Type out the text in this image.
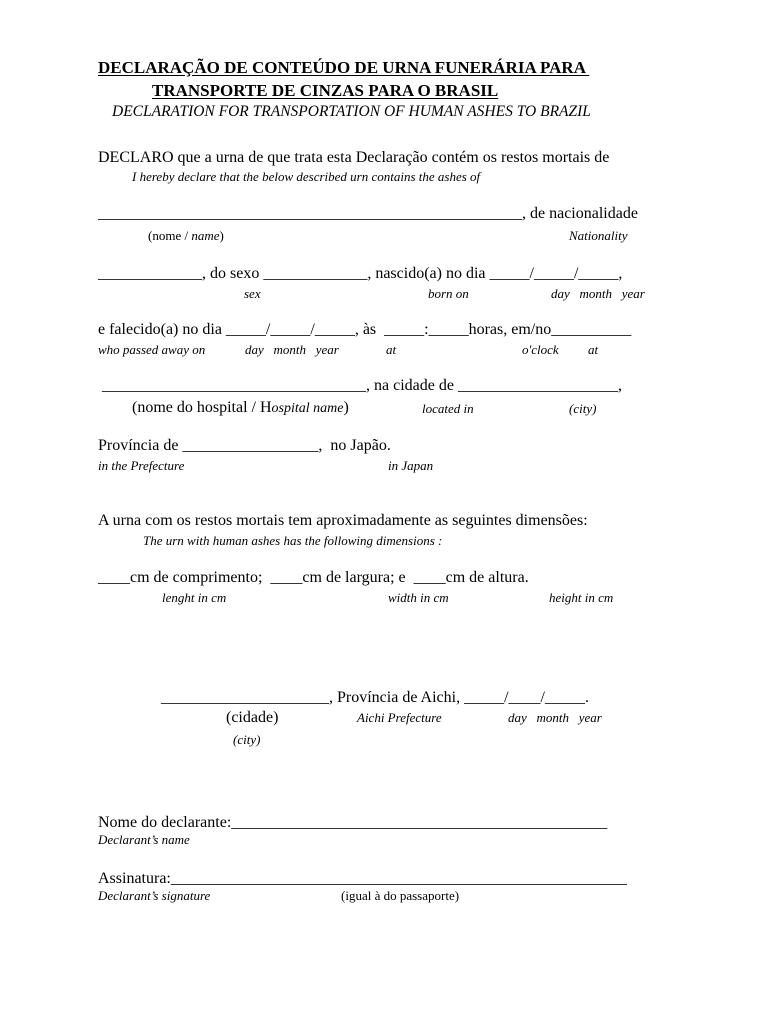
DECLARAÇÃO DE CONTEÚDO DE URNA FUNERÁRIA PARA
TRANSPORTE DE CINZAS PARA O BRASIL
DECLARATION FOR TRANSPORTATION OF HUMAN ASHES TO BRAZIL
DECLARO que a urna de que trata esta Declaração contém os restos mortais de
I hereby declare that the below described urn contains the ashes of
_____________________________________________________, de nacionalidade
(nome / name)	Nationality
_____________, do sexo _____________, nascido(a) no dia _____/_____/_____,
sex	born on	day   month   year
e falecido(a) no dia _____/_____/_____, às  _____:_____horas, em/no__________
who passed away on	day   month   year	at	o'clock at
_________________________________, na cidade de ____________________,
(nome do hospital / Hospital name)	located in	(city)
Província de _________________,  no Japão.
in the Prefecture	in Japan
A urna com os restos mortais tem aproximadamente as seguintes dimensões:
The urn with human ashes has the following dimensions :
____cm de comprimento;  ____cm de largura; e  ____cm de altura.
lenght in cm	width in cm	height in cm
_____________________, Província de Aichi, _____/____/_____.
(cidade)	Aichi Prefecture	day   month   year
(city)
Nome do declarante:_______________________________________________
Declarant’s name
Assinatura:_________________________________________________________
Declarant’s signature	(igual à do passaporte)
